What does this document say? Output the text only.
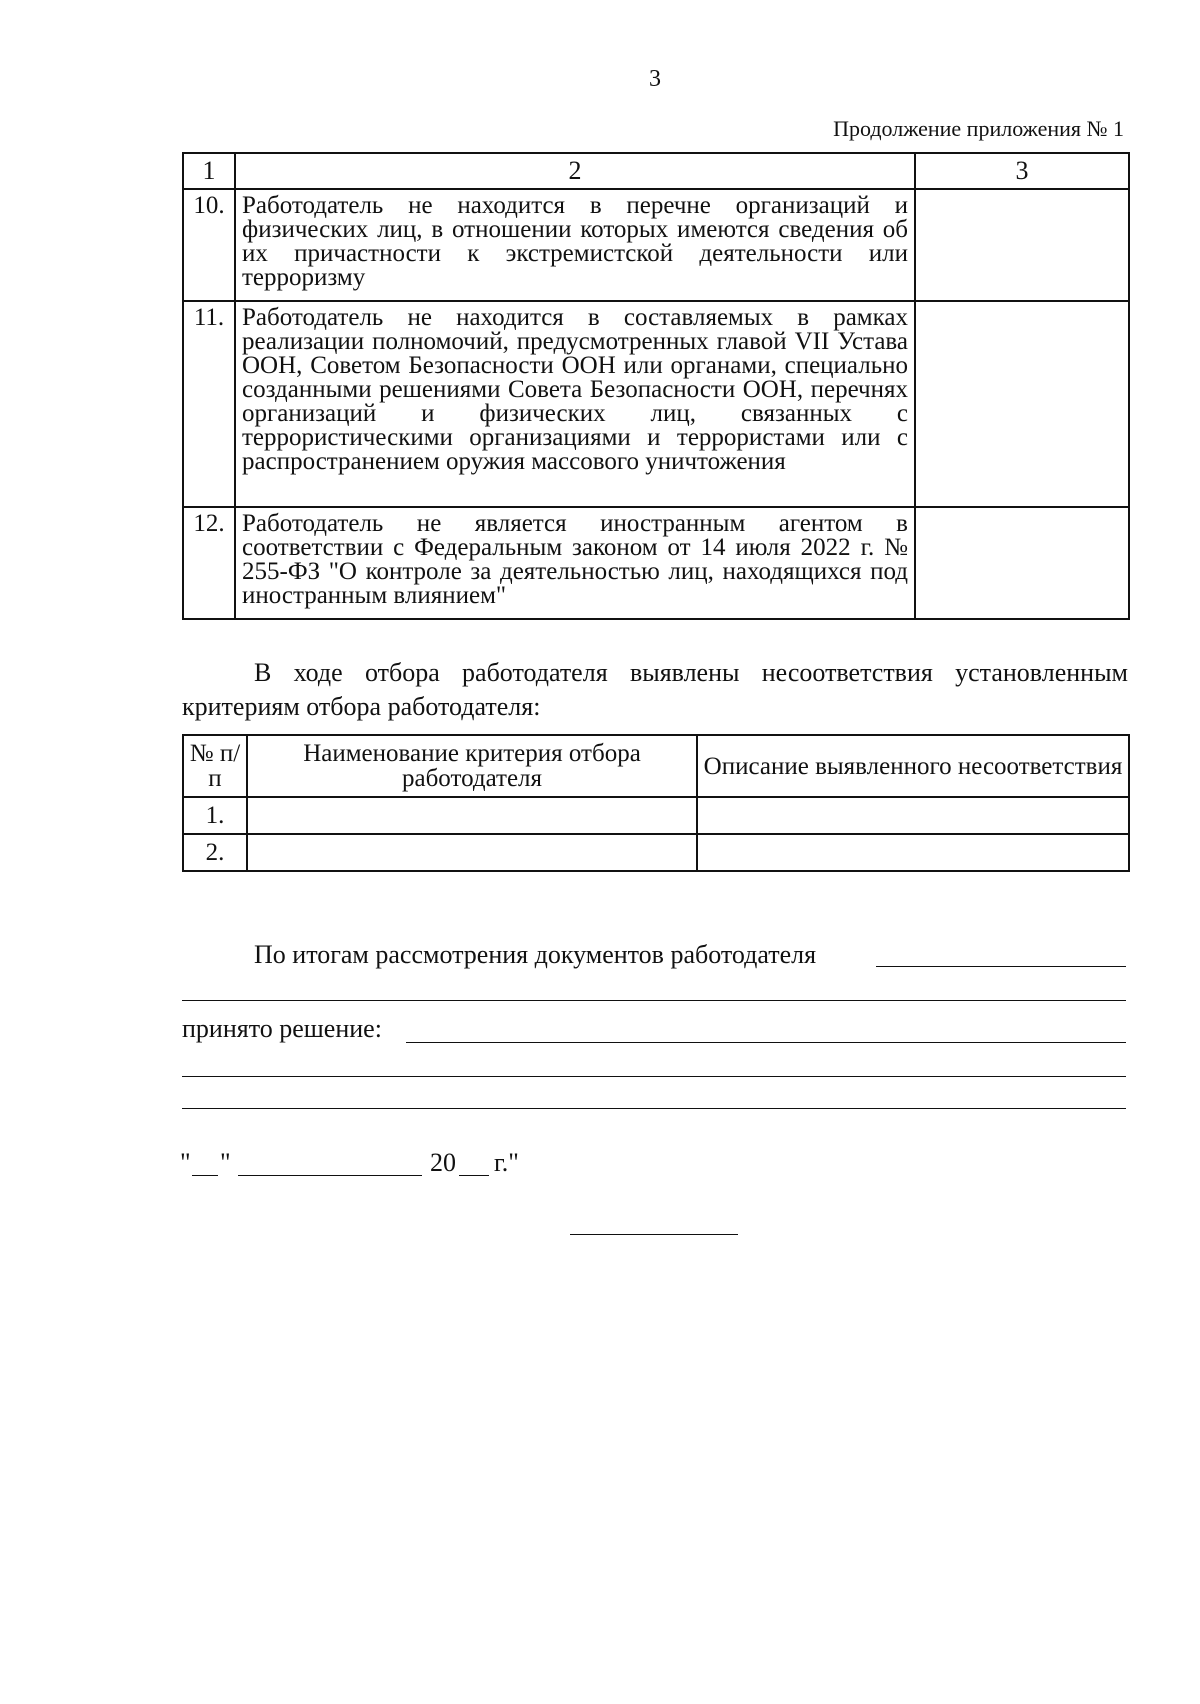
3
Продолжение приложения № 1
1	2	3
10.	Работодатель не находится в перечне организаций и физических лиц, в отношении которых имеются сведения об их причастности к экстремистской деятельности или терроризму	
11.	Работодатель не находится в составляемых в рамках реализации полномочий, предусмотренных главой VII Устава ООН, Советом Безопасности ООН или органами, специально созданными решениями Совета Безопасности ООН, перечнях организаций и физических лиц, связанных с террористическими организациями и террористами или с распространением оружия массового уничтожения	
12.	Работодатель не является иностранным агентом в соответствии с Федеральным законом от 14 июля 2022 г. № 255-ФЗ "О контроле за деятельностью лиц, находящихся под иностранным влиянием"	
В ходе отбора работодателя выявлены несоответствия установленным критериям отбора работодателя:
№ п/п	Наименование критерия отбора работодателя	Описание выявленного несоответствия
1.		
2.		
По итогам рассмотрения документов работодателя
принято решение:
" "	20 г."
